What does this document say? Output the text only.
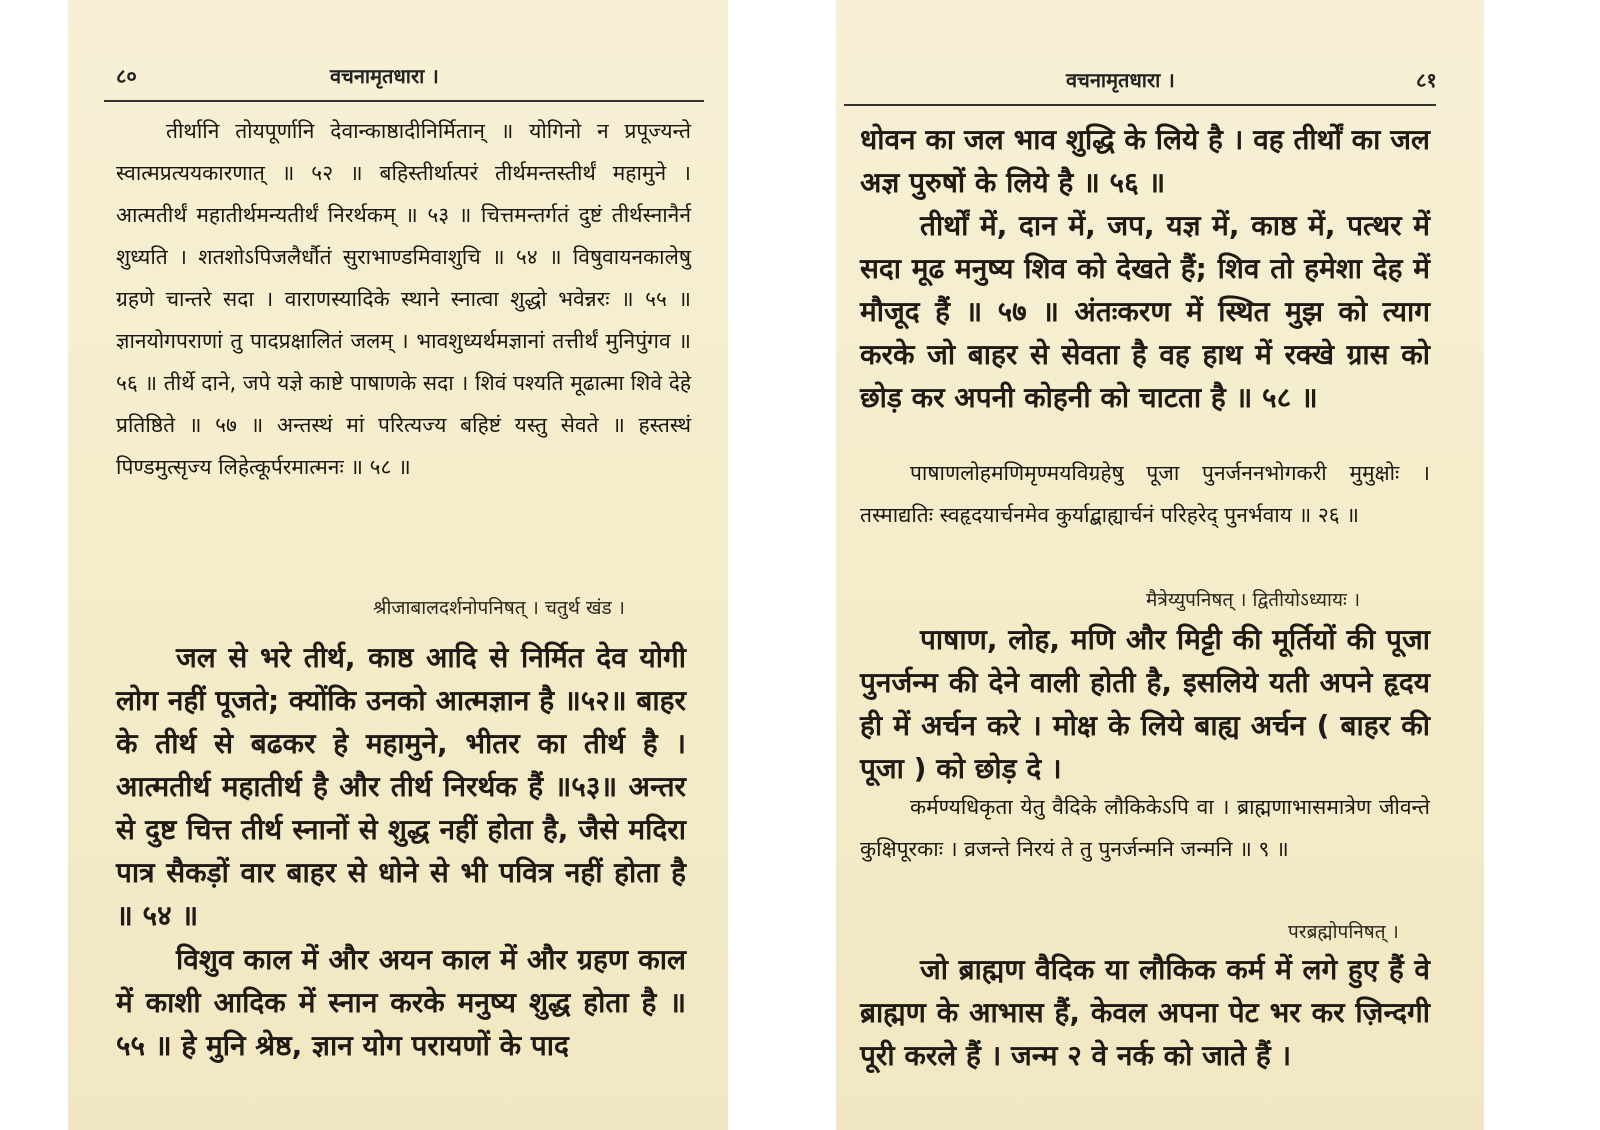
८०	वचनामृतधारा ।
तीर्थानि तोयपूर्णानि देवान्काष्ठादीनिर्मितान् ॥ योगिनो न प्रपूज्यन्ते स्वात्मप्रत्ययकारणात् ॥ ५२ ॥ बहिस्तीर्थात्परं तीर्थमन्तस्तीर्थं महामुने । आत्मतीर्थं महातीर्थमन्यतीर्थं निरर्थकम् ॥ ५३ ॥ चित्तमन्तर्गतं दुष्टं तीर्थस्नानैर्न शुध्यति । शतशोऽपिजलैर्धौतं सुराभाण्डमिवाशुचि ॥ ५४ ॥ विषुवायनकालेषु ग्रहणे चान्तरे सदा । वाराणस्यादिके स्थाने स्नात्वा शुद्धो भवेन्नरः ॥ ५५ ॥ ज्ञानयोगपराणां तु पादप्रक्षालितं जलम् । भावशुध्यर्थमज्ञानां तत्तीर्थं मुनिपुंगव ॥ ५६ ॥ तीर्थे दाने, जपे यज्ञे काष्टे पाषाणके सदा । शिवं पश्यति मूढात्मा शिवे देहे प्रतिष्ठिते ॥ ५७ ॥ अन्तस्थं मां परित्यज्य बहिष्टं यस्तु सेवते ॥ हस्तस्थं पिण्डमुत्सृज्य लिहेत्कूर्परमात्मनः ॥ ५८ ॥
श्रीजाबालदर्शनोपनिषत् । चतुर्थ खंड ।
जल से भरे तीर्थ, काष्ठ आदि से निर्मित देव योगी लोग नहीं पूजते; क्योंकि उनको आत्मज्ञान है ॥५२॥ बाहर के तीर्थ से बढकर हे महामुने, भीतर का तीर्थ है । आत्मतीर्थ महातीर्थ है और तीर्थ निरर्थक हैं ॥५३॥ अन्तर से दुष्ट चित्त तीर्थ स्नानों से शुद्ध नहीं होता है, जैसे मदिरा पात्र सैकड़ों वार बाहर से धोने से भी पवित्र नहीं होता है ॥ ५४ ॥
विशुव काल में और अयन काल में और ग्रहण काल में काशी आदिक में स्नान करके मनुष्य शुद्ध होता है ॥ ५५ ॥ हे मुनि श्रेष्ठ, ज्ञान योग परायणों के पाद
वचनामृतधारा ।	८१
धोवन का जल भाव शुद्धि के लिये है । वह तीर्थों का जल अज्ञ पुरुषों के लिये है ॥ ५६ ॥
तीर्थों में, दान में, जप, यज्ञ में, काष्ठ में, पत्थर में सदा मूढ मनुष्य शिव को देखते हैं; शिव तो हमेशा देह में मौजूद हैं ॥ ५७ ॥ अंतःकरण में स्थित मुझ को त्याग करके जो बाहर से सेवता है वह हाथ में रक्खे ग्रास को छोड़ कर अपनी कोहनी को चाटता है ॥ ५८ ॥
पाषाणलोहमणिमृण्मयविग्रहेषु पूजा पुनर्जननभोगकरी मुमुक्षोः । तस्माद्यतिः स्वहृदयार्चनमेव कुर्याद्बाह्यार्चनं परिहरेद् पुनर्भवाय ॥ २६ ॥
मैत्रेय्युपनिषत् । द्वितीयोऽध्यायः ।
पाषाण, लोह, मणि और मिट्टी की मूर्तियों की पूजा पुनर्जन्म की देने वाली होती है, इसलिये यती अपने हृदय ही में अर्चन करे । मोक्ष के लिये बाह्य अर्चन ( बाहर की पूजा ) को छोड़ दे ।
कर्मण्यधिकृता येतु वैदिके लौकिकेऽपि वा । ब्राह्मणाभासमात्रेण जीवन्ते कुक्षिपूरकाः । व्रजन्ते निरयं ते तु पुनर्जन्मनि जन्मनि ॥ ९ ॥
परब्रह्मोपनिषत् ।
जो ब्राह्मण वैदिक या लौकिक कर्म में लगे हुए हैं वे ब्राह्मण के आभास हैं, केवल अपना पेट भर कर ज़िन्दगी पूरी करले हैं । जन्म २ वे नर्क को जाते हैं ।
